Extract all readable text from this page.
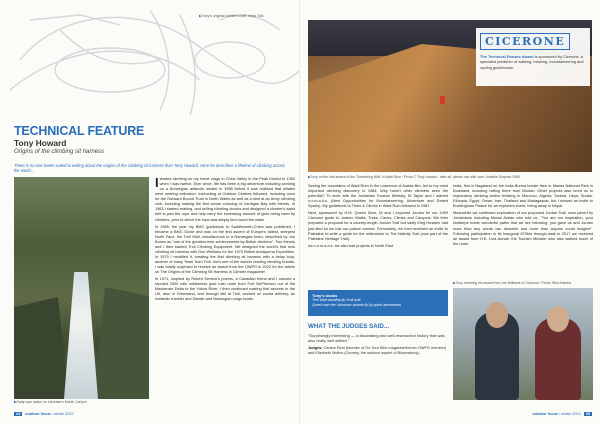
▶ Tony's original climber's belt, early '60s
TECHNICAL FEATURE
Tony Howard
Origins of the climbing sit harness
There is no-one better suited to writing about the origins of the climbing sit harness than Tony Howard. Here he describes a lifetime of climbing across the world...
▶ Early rope action on Leicester's Mouth Canyon

Istarted climbing on my home crags in Chew Valley in the Peak District in 1952 when I was twelve. Ever since, life has been a big adventure including working on a Norwegian antarctic whaler in 1958 before it was realised that whales were nearing extinction. Instructing at Outdoor Centres followed, including once for the Outward Bound Trust in North Wales as well as a stint at an Army climbing club, including making the first canoe crossing of Cardigan Bay with friends. In 1963 I started making, and selling climbing chocks and designed a climber's waist belt to pad the rope and help carry the increasing amount of gear being used by climbers, prior to which the rope was simply tied round the waist.

In 1965, the year my BMC guidebook to Saddleworth-Chew was published, I became a BMC Guide and was on the first ascent of Europe's tallest, steepest North Face, the Troll Wall, simultaneous to a Norwegian team, described by Joe Brown as "one of the greatest ever achievements by British climbers". Two friends and I then started Troll Climbing Equipment. We designed the world's first rock climbing sit harness with Don Whillans for the 1970 British Annapurna Expedition. In 1979 I modified it, creating the first climbing sit harness with a belay loop, another of many 'firsts' from Troll, then one of the world's leading climbing brands. I was totally surprised to receive an award from the OWPG in 2022 for the article on The Origins of the Climbing Sit Harness in Climber magazine!

In 1971, inspired by Robert Service's poems, a Canadian friend and I canoed a reputed 1000 mile wilderness gold rush route from Fort McPherson out of the Mackenzie Delta to the Yukon River. I then continued making first ascents in the UK, also in Greenland, and through still at Troll, worked on sucha delivery, an Icelandic traveler and Danish and Norwegian cargo boats.

24 outdoor focus / winter 2022
CICERONE
The Technical Feature Award is sponsored by Cicerone, a specialist publisher of walking, trekking, mountaineering and cycling guidebooks.
▶ Tony on the first ascent of the 'Something Wild' in Wadi Rum / Photo © Tony Howard - after all, please use with care, Amiable Surprise 1985

Seeing the mountains of Wadi Rum in the Lawrence of Arabia film, led to my most important climbing discovery in 1984. Why hadn't other climbers seen the potential? To work with the Jordanian Tourism Ministry, Di Taylor and I started n.o.m.a.d.s. (New Opportunities for Mountaineering, Adventure and Desert Sports). My guidebook to Treks & Climbs in Wadi Rum followed in 1987.

Next, sponsored by H.M. Queen Noor, Di and I explored Jordan for our 1999 Cicerone guide to Jordan: Walks, Treks, Caves, Climbs and Canyons. We then prepared a proposal for a country-length Jordan Trail but sadly King Hussein had just died so we lost our palace contact. Fortunately, we then received an invite to Palestine to write a guide for the millennium to The Nativity Trail (now part of the Palestine Heritage Trail).

As n.o.m.a.d.s. we also had projects in North East

India, first in Nagaland on the India-Burma border then in Manas National Park in Bodoland, including rafting there from Bhutan. Other projects also lured us to exploratory climbing and/or trekking in Morocco, Algeria, Tunisia, Libya, Sudan, Ethiopia, Egypt, Oman, Iran, Thailand and Madagascar, but I missed an invite to Buckingham Palace for an explorers event, being away in Nepal.

Meanwhile we continued exploration of our proposed Jordan Trail, soon joined by Jordanians including Murad Arslan who told us, "You are our inspiration, your footsteps made wonderful paths that we are following, you gave us and Jordan more than any words can describe and more than anyone could imagine". Following participation in its inaugural 670km through-walk in 2017 we received an award from H.E. Lina Annab, the Tourism Minister who also walked much of the route.

Tony's books
Troll Wall wondirty.lly-Troll-wall
Quest man the Unknown-wonde-lly-lly-quick adventures
WHAT THE JUDGES SAID...
"Surprisingly interesting — a fascinating and well-researched history that was also really well written."
Judges: Carlton Reid (founder of On Your Bike magazine/former OWPG member) and Elizabeth Mufins (Cormey, the outdoor imprint of Bloomsbury).
▶ Tony receiving his award from Joe Williams of Cicerone / Photo: Bliss Bamba
outdoor focus / winter 2022 25
